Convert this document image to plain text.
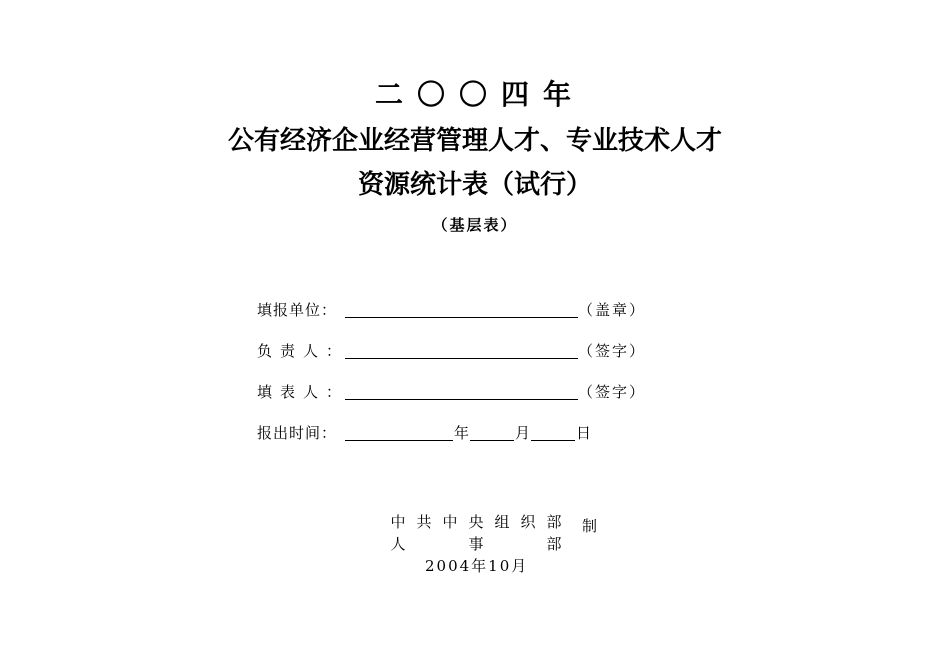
二〇〇四年
公有经济企业经营管理人才、专业技术人才
资源统计表（试行）
（基层表）
填报单位：	（盖章）
负责人：	（签字）
填表人：	（签字）
报出时间：	年	月	日
中 共 中 央 组 织 部
人	事	部
制
2004年10月
